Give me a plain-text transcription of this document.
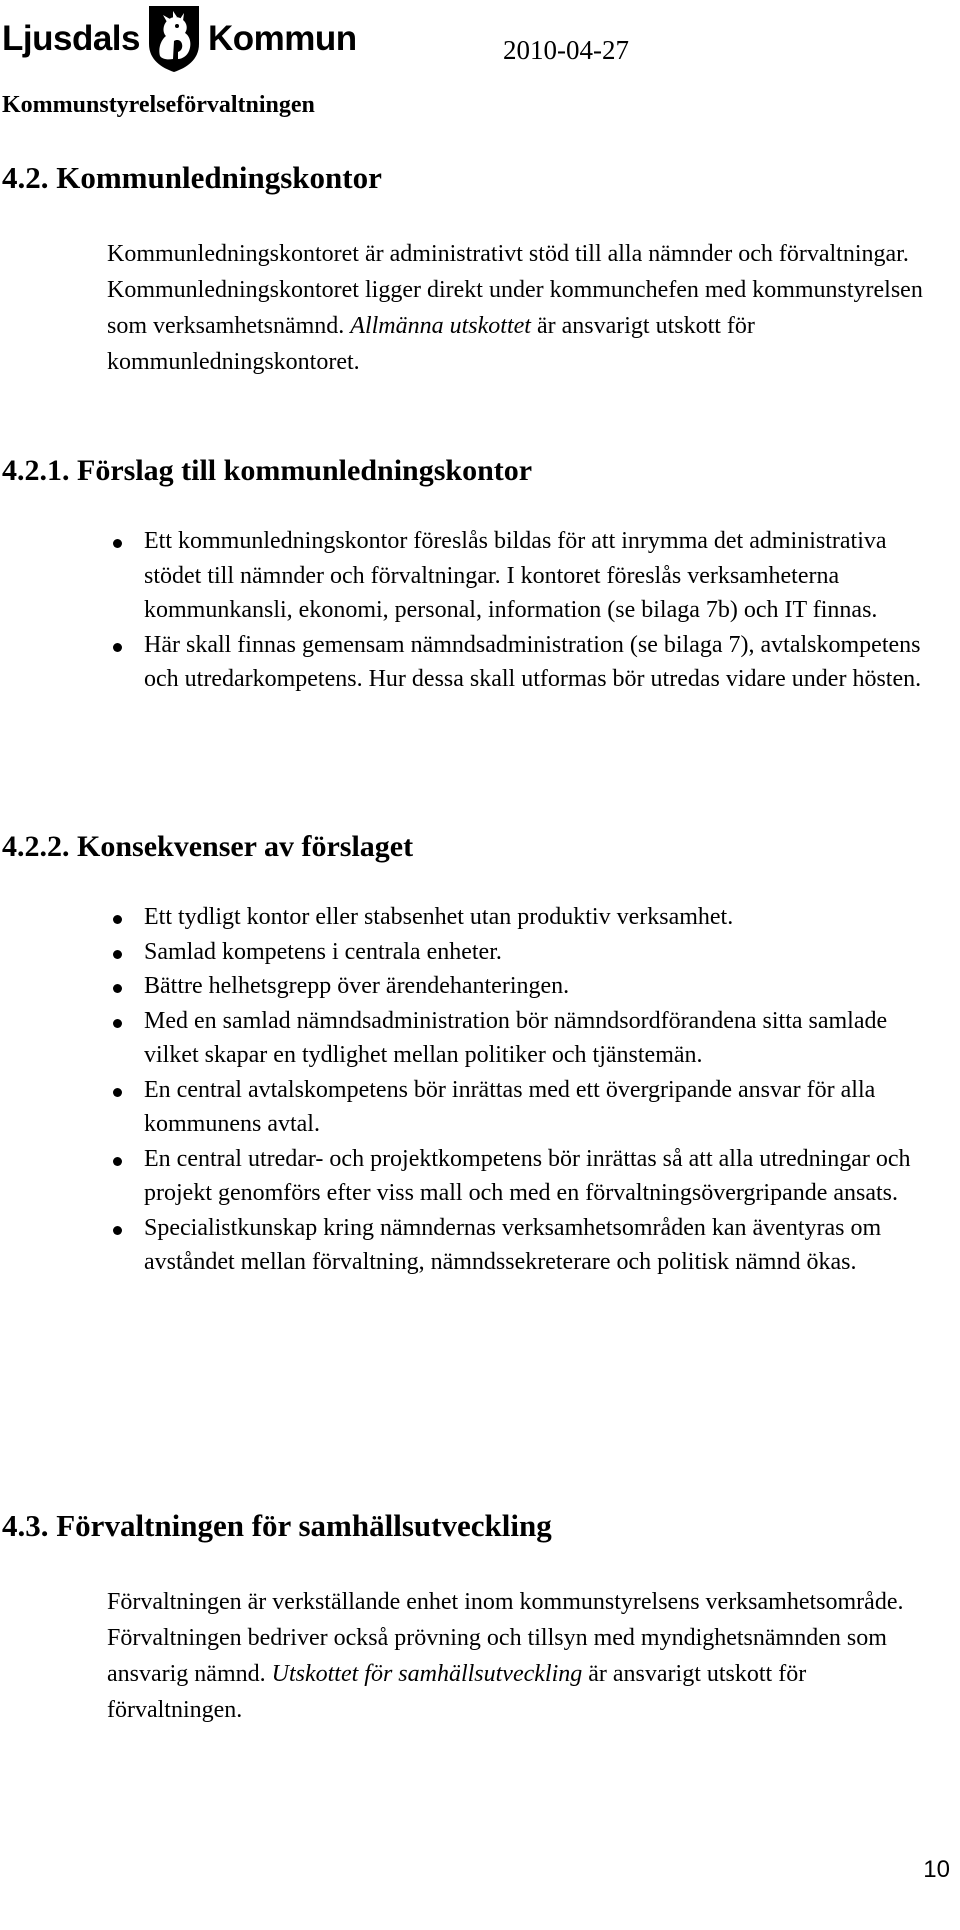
Ljusdals Kommun	2010-04-27
Kommunstyrelseförvaltningen
4.2. Kommunledningskontor

Kommunledningskontoret är administrativt stöd till alla nämnder och förvaltningar. Kommunledningskontoret ligger direkt under kommunchefen med kommunstyrelsen som verksamhetsnämnd. Allmänna utskottet är ansvarigt utskott för kommunledningskontoret.

4.2.1. Förslag till kommunledningskontor
Ett kommunledningskontor föreslås bildas för att inrymma det administrativa stödet till nämnder och förvaltningar. I kontoret föreslås verksamheterna kommunkansli, ekonomi, personal, information (se bilaga 7b) och IT finnas.
Här skall finnas gemensam nämndsadministration (se bilaga 7), avtalskompetens och utredarkompetens. Hur dessa skall utformas bör utredas vidare under hösten.
4.2.2. Konsekvenser av förslaget
Ett tydligt kontor eller stabsenhet utan produktiv verksamhet.
Samlad kompetens i centrala enheter.
Bättre helhetsgrepp över ärendehanteringen.
Med en samlad nämndsadministration bör nämndsordförandena sitta samlade vilket skapar en tydlighet mellan politiker och tjänstemän.
En central avtalskompetens bör inrättas med ett övergripande ansvar för alla kommunens avtal.
En central utredar- och projektkompetens bör inrättas så att alla utredningar och projekt genomförs efter viss mall och med en förvaltningsövergripande ansats.
Specialistkunskap kring nämndernas verksamhetsområden kan äventyras om avståndet mellan förvaltning, nämndssekreterare och politisk nämnd ökas.
4.3. Förvaltningen för samhällsutveckling

Förvaltningen är verkställande enhet inom kommunstyrelsens verksamhetsområde. Förvaltningen bedriver också prövning och tillsyn med myndighetsnämnden som ansvarig nämnd. Utskottet för samhällsutveckling är ansvarigt utskott för förvaltningen.

10
